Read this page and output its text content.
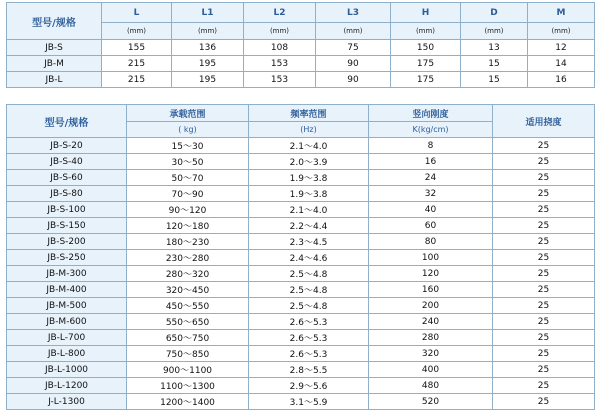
型号/规格	L	L1	L2	L3	H	D	M
	(mm)	(mm)	(mm)	(mm)	(mm)	(mm)	(mm)
JB-S	155	136	108	75	150	13	12
JB-M	215	195	153	90	175	15	14
JB-L	215	195	153	90	175	15	16
型号/规格	承载范围	频率范围	竖向刚度	适用挠度
	( kg)	(Hz)	K(kg/cm)	
JB-S-20	15～30	2.1～4.0	8	25
JB-S-40	30～50	2.0～3.9	16	25
JB-S-60	50～70	1.9～3.8	24	25
JB-S-80	70～90	1.9～3.8	32	25
JB-S-100	90～120	2.1～4.0	40	25
JB-S-150	120～180	2.2～4.4	60	25
JB-S-200	180～230	2.3～4.5	80	25
JB-S-250	230～280	2.4～4.6	100	25
JB-M-300	280～320	2.5～4.8	120	25
JB-M-400	320～450	2.5～4.8	160	25
JB-M-500	450～550	2.5～4.8	200	25
JB-M-600	550～650	2.6～5.3	240	25
JB-L-700	650～750	2.6～5.3	280	25
JB-L-800	750～850	2.6～5.3	320	25
JB-L-1000	900～1100	2.8～5.5	400	25
JB-L-1200	1100～1300	2.9～5.6	480	25
J-L-1300	1200～1400	3.1～5.9	520	25
